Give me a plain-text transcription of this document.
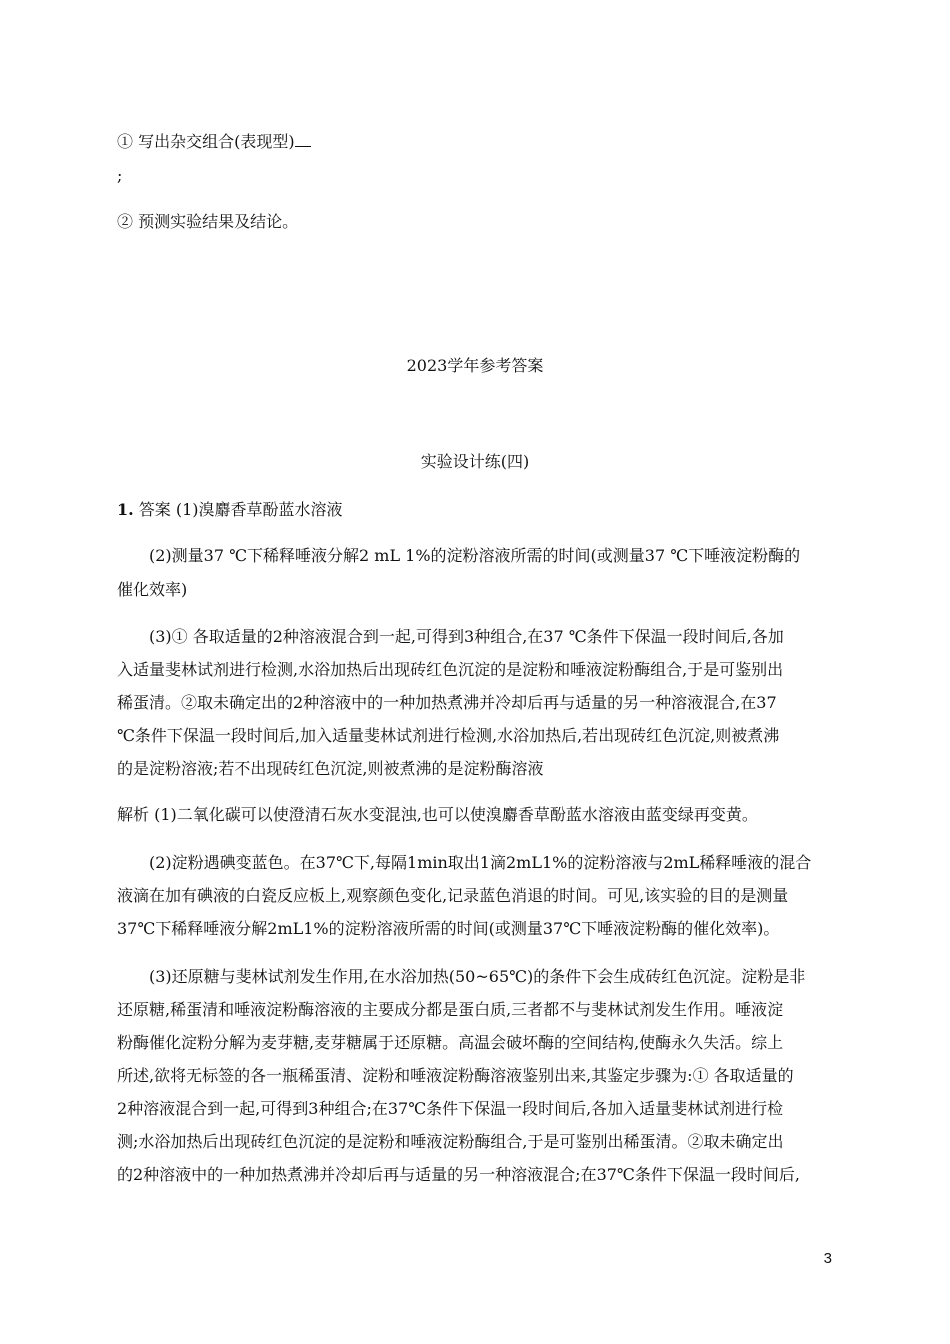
① 写出杂交组合(表现型)
;
② 预测实验结果及结论。
2023学年参考答案
实验设计练(四)
1. 答案 (1)溴麝香草酚蓝水溶液
(2)测量37 ℃下稀释唾液分解2 mL 1%的淀粉溶液所需的时间(或测量37 ℃下唾液淀粉酶的
催化效率)
(3)① 各取适量的2种溶液混合到一起,可得到3种组合,在37 ℃条件下保温一段时间后,各加
入适量斐林试剂进行检测,水浴加热后出现砖红色沉淀的是淀粉和唾液淀粉酶组合,于是可鉴别出
稀蛋清。②取未确定出的2种溶液中的一种加热煮沸并冷却后再与适量的另一种溶液混合,在37
℃条件下保温一段时间后,加入适量斐林试剂进行检测,水浴加热后,若出现砖红色沉淀,则被煮沸
的是淀粉溶液;若不出现砖红色沉淀,则被煮沸的是淀粉酶溶液
解析 (1)二氧化碳可以使澄清石灰水变混浊,也可以使溴麝香草酚蓝水溶液由蓝变绿再变黄。
(2)淀粉遇碘变蓝色。在37℃下,每隔1min取出1滴2mL1%的淀粉溶液与2mL稀释唾液的混合
液滴在加有碘液的白瓷反应板上,观察颜色变化,记录蓝色消退的时间。可见,该实验的目的是测量
37℃下稀释唾液分解2mL1%的淀粉溶液所需的时间(或测量37℃下唾液淀粉酶的催化效率)。
(3)还原糖与斐林试剂发生作用,在水浴加热(50~65℃)的条件下会生成砖红色沉淀。淀粉是非
还原糖,稀蛋清和唾液淀粉酶溶液的主要成分都是蛋白质,三者都不与斐林试剂发生作用。唾液淀
粉酶催化淀粉分解为麦芽糖,麦芽糖属于还原糖。高温会破坏酶的空间结构,使酶永久失活。综上
所述,欲将无标签的各一瓶稀蛋清、淀粉和唾液淀粉酶溶液鉴别出来,其鉴定步骤为:① 各取适量的
2种溶液混合到一起,可得到3种组合;在37℃条件下保温一段时间后,各加入适量斐林试剂进行检
测;水浴加热后出现砖红色沉淀的是淀粉和唾液淀粉酶组合,于是可鉴别出稀蛋清。②取未确定出
的2种溶液中的一种加热煮沸并冷却后再与适量的另一种溶液混合;在37℃条件下保温一段时间后,
3
